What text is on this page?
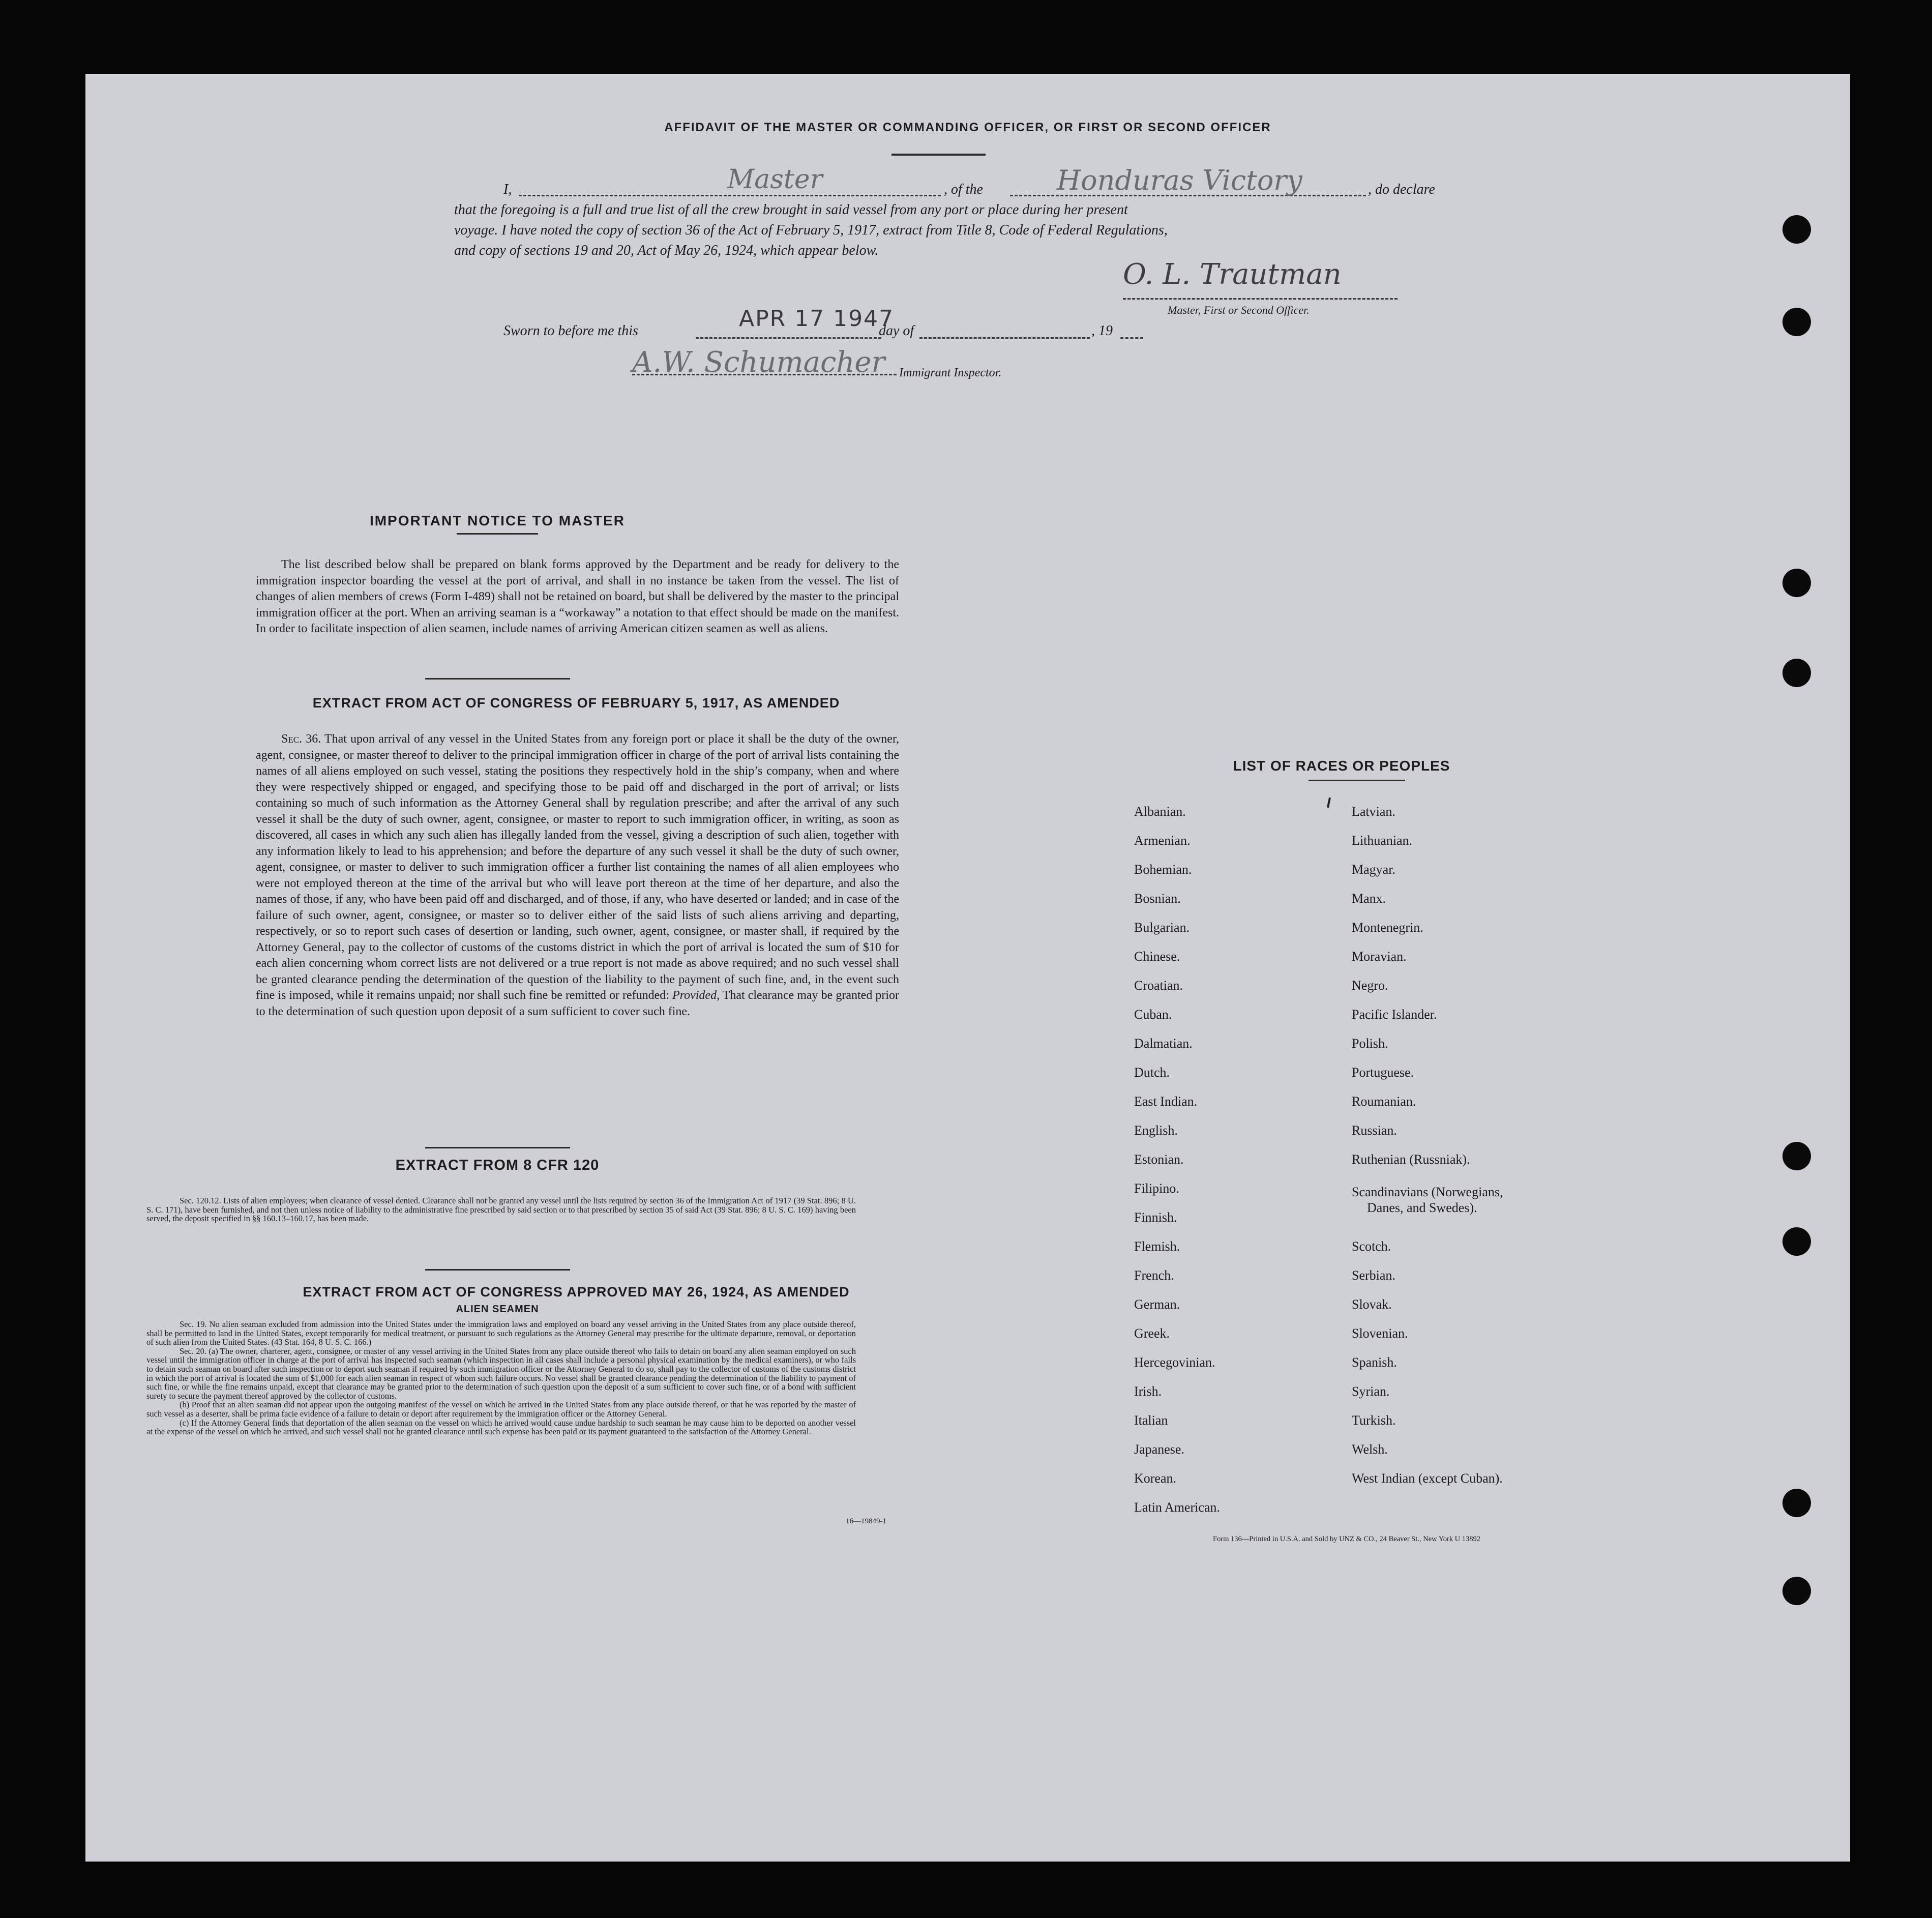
AFFIDAVIT OF THE MASTER OR COMMANDING OFFICER, OR FIRST OR SECOND OFFICER
I,	Master	, of the	Honduras Victory	, do declare
that the foregoing is a full and true list of all the crew brought in said vessel from any port or place during her present
voyage. I have noted the copy of section 36 of the Act of February 5, 1917, extract from Title 8, Code of Federal Regulations,
and copy of sections 19 and 20, Act of May 26, 1924, which appear below.
O. L. Trautman
Master, First or Second Officer.
Sworn to before me this	APR 17 1947
day of	, 19
A.W. Schumacher Immigrant Inspector.
IMPORTANT NOTICE TO MASTER
The list described below shall be prepared on blank forms approved by the Department and be ready for delivery to the immigration inspector boarding the vessel at the port of arrival, and shall in no instance be taken from the vessel. The list of changes of alien members of crews (Form I-489) shall not be retained on board, but shall be delivered by the master to the principal immigration officer at the port. When an arriving seaman is a “workaway” a notation to that effect should be made on the manifest. In order to facilitate inspection of alien seamen, include names of arriving American citizen seamen as well as aliens.
EXTRACT FROM ACT OF CONGRESS OF FEBRUARY 5, 1917, AS AMENDED
Sec. 36. That upon arrival of any vessel in the United States from any foreign port or place it shall be the duty of the owner, agent, consignee, or master thereof to deliver to the principal immigration officer in charge of the port of arrival lists containing the names of all aliens employed on such vessel, stating the positions they respectively hold in the ship’s company, when and where they were respectively shipped or engaged, and specifying those to be paid off and discharged in the port of arrival; or lists containing so much of such information as the Attorney General shall by regulation prescribe; and after the arrival of any such vessel it shall be the duty of such owner, agent, consignee, or master to report to such immigration officer, in writing, as soon as discovered, all cases in which any such alien has illegally landed from the vessel, giving a description of such alien, together with any information likely to lead to his apprehension; and before the departure of any such vessel it shall be the duty of such owner, agent, consignee, or master to deliver to such immigration officer a further list containing the names of all alien employees who were not employed thereon at the time of the arrival but who will leave port thereon at the time of her departure, and also the names of those, if any, who have been paid off and discharged, and of those, if any, who have deserted or landed; and in case of the failure of such owner, agent, consignee, or master so to deliver either of the said lists of such aliens arriving and departing, respectively, or so to report such cases of desertion or landing, such owner, agent, consignee, or master shall, if required by the Attorney General, pay to the collector of customs of the customs district in which the port of arrival is located the sum of $10 for each alien concerning whom correct lists are not delivered or a true report is not made as above required; and no such vessel shall be granted clearance pending the determination of the question of the liability to the payment of such fine, and, in the event such fine is imposed, while it remains unpaid; nor shall such fine be remitted or refunded: Provided, That clearance may be granted prior to the determination of such question upon deposit of a sum sufficient to cover such fine.
EXTRACT FROM 8 CFR 120
Sec. 120.12. Lists of alien employees; when clearance of vessel denied. Clearance shall not be granted any vessel until the lists required by section 36 of the Immigration Act of 1917 (39 Stat. 896; 8 U. S. C. 171), have been furnished, and not then unless notice of liability to the administrative fine prescribed by said section or to that prescribed by section 35 of said Act (39 Stat. 896; 8 U. S. C. 169) having been served, the deposit specified in §§ 160.13–160.17, has been made.
EXTRACT FROM ACT OF CONGRESS APPROVED MAY 26, 1924, AS AMENDED
ALIEN SEAMEN
Sec. 19. No alien seaman excluded from admission into the United States under the immigration laws and employed on board any vessel arriving in the United States from any place outside thereof, shall be permitted to land in the United States, except temporarily for medical treatment, or pursuant to such regulations as the Attorney General may prescribe for the ultimate departure, removal, or deportation of such alien from the United States. (43 Stat. 164, 8 U. S. C. 166.)
Sec. 20. (a) The owner, charterer, agent, consignee, or master of any vessel arriving in the United States from any place outside thereof who fails to detain on board any alien seaman employed on such vessel until the immigration officer in charge at the port of arrival has inspected such seaman (which inspection in all cases shall include a personal physical examination by the medical examiners), or who fails to detain such seaman on board after such inspection or to deport such seaman if required by such immigration officer or the Attorney General to do so, shall pay to the collector of customs of the customs district in which the port of arrival is located the sum of $1,000 for each alien seaman in respect of whom such failure occurs. No vessel shall be granted clearance pending the determination of the liability to payment of such fine, or while the fine remains unpaid, except that clearance may be granted prior to the determination of such question upon the deposit of a sum sufficient to cover such fine, or of a bond with sufficient surety to secure the payment thereof approved by the collector of customs.
(b) Proof that an alien seaman did not appear upon the outgoing manifest of the vessel on which he arrived in the United States from any place outside thereof, or that he was reported by the master of such vessel as a deserter, shall be prima facie evidence of a failure to detain or deport after requirement by the immigration officer or the Attorney General.
(c) If the Attorney General finds that deportation of the alien seaman on the vessel on which he arrived would cause undue hardship to such seaman he may cause him to be deported on another vessel at the expense of the vessel on which he arrived, and such vessel shall not be granted clearance until such expense has been paid or its payment guaranteed to the satisfaction of the Attorney General.
16—19849-1
LIST OF RACES OR PEOPLES
Albanian.
Armenian.
Bohemian.
Bosnian.
Bulgarian.
Chinese.
Croatian.
Cuban.
Dalmatian.
Dutch.
East Indian.
English.
Estonian.
Filipino.
Finnish.
Flemish.
French.
German.
Greek.
Hercegovinian.
Irish.
Italian
Japanese.
Korean.
Latin American.
Latvian.
Lithuanian.
Magyar.
Manx.
Montenegrin.
Moravian.
Negro.
Pacific Islander.
Polish.
Portuguese.
Roumanian.
Russian.
Ruthenian (Russniak).
Scandinavians (Norwegians,
Danes, and Swedes).
Scotch.
Serbian.
Slovak.
Slovenian.
Spanish.
Syrian.
Turkish.
Welsh.
West Indian (except Cuban).
Form 136—Printed in U.S.A. and Sold by UNZ & CO., 24 Beaver St., New York U 13892
